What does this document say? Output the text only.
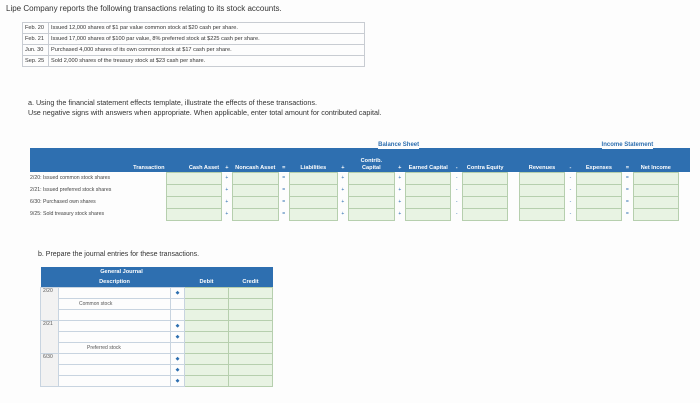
Lipe Company reports the following transactions relating to its stock accounts.
Feb. 20	Issued 12,000 shares of $1 par value common stock at $20 cash per share.
Feb. 21	Issued 17,000 shares of $100 par value, 8% preferred stock at $225 cash per share.
Jun. 30	Purchased 4,000 shares of its own common stock at $17 cash per share.
Sep. 25	Sold 2,000 shares of the treasury stock at $23 cash per share.
a. Using the financial statement effects template, illustrate the effects of these transactions.
Use negative signs with answers when appropriate. When applicable, enter total amount for contributed capital.
				Balance Sheet										Income Statement				
Transaction	Cash Asset	+	Noncash Asset	=	Liabilities	+	Contrib. Capital	+	Earned Capital	-	Contra Equity		Revenues	-	Expenses	=	Net Income	
2/20: Issued common stock shares		+		=		+		+		-				-		=		
2/21: Issued preferred stock shares		+		=		+		+		-				-		=		
6/30: Purchased own shares		+		=		+		+		-				-		=		
9/25: Sold treasury stock shares		+		=		+		+		-				-		=		
b. Prepare the journal entries for these transactions.
	General Journal			
	Description		Debit	Credit
2/20		◆		
	Common stock			

2/21		◆		
		◆		
	Preferred stock			
6/30		◆		
		◆		
		◆		
